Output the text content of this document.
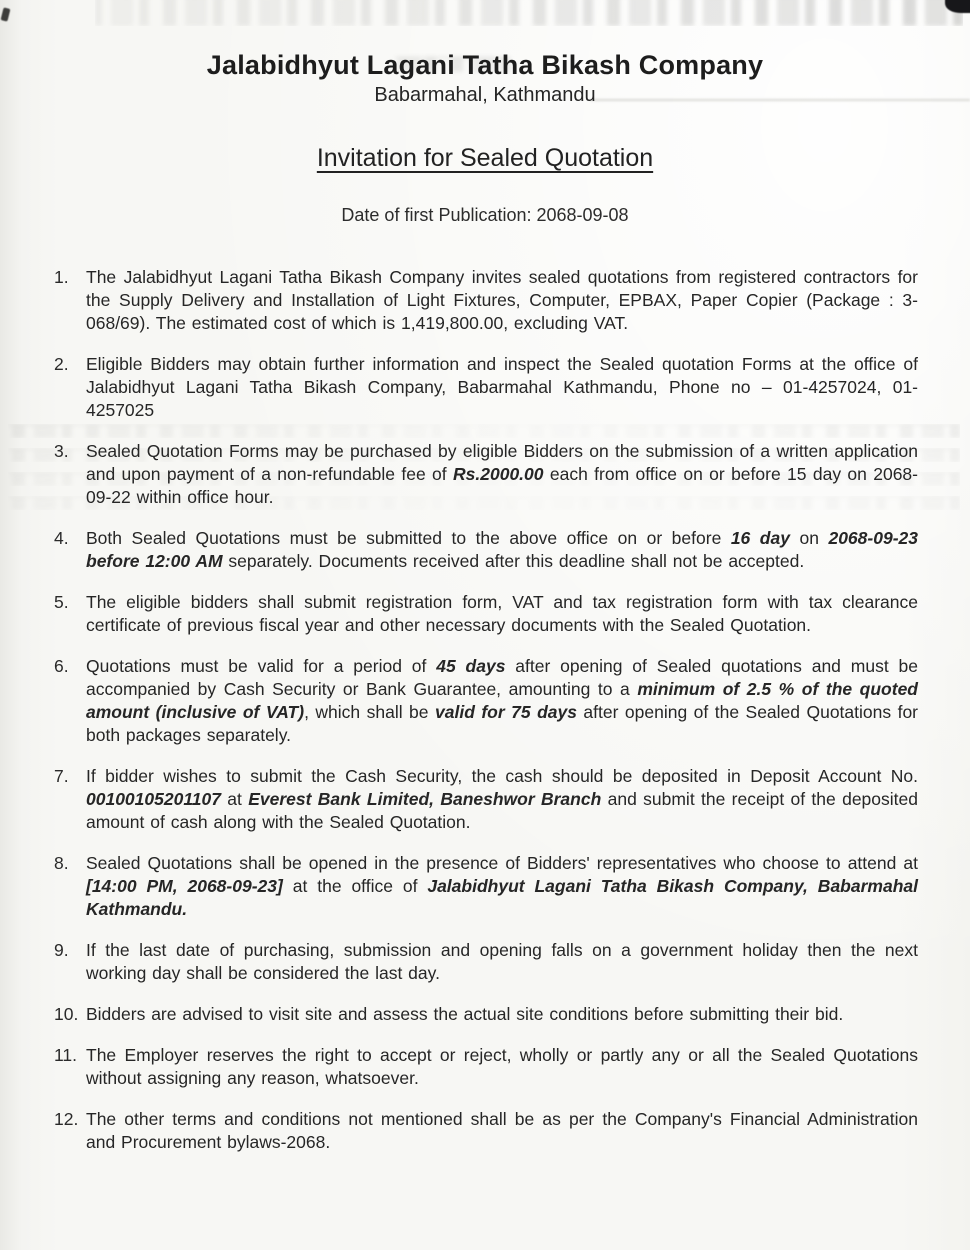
Jalabidhyut Lagani Tatha Bikash Company
Babarmahal, Kathmandu
Invitation for Sealed Quotation
Date of first Publication: 2068-09-08
1. The Jalabidhyut Lagani Tatha Bikash Company invites sealed quotations from registered contractors for the Supply Delivery and Installation of Light Fixtures, Computer, EPBAX, Paper Copier (Package : 3-068/69). The estimated cost of which is 1,419,800.00, excluding VAT.
2. Eligible Bidders may obtain further information and inspect the Sealed quotation Forms at the office of Jalabidhyut Lagani Tatha Bikash Company, Babarmahal Kathmandu, Phone no – 01-4257024, 01-4257025
3. Sealed Quotation Forms may be purchased by eligible Bidders on the submission of a written application and upon payment of a non-refundable fee of Rs.2000.00 each from office on or before 15 day on 2068-09-22 within office hour.
4. Both Sealed Quotations must be submitted to the above office on or before 16 day on 2068-09-23 before 12:00 AM separately. Documents received after this deadline shall not be accepted.
5. The eligible bidders shall submit registration form, VAT and tax registration form with tax clearance certificate of previous fiscal year and other necessary documents with the Sealed Quotation.
6. Quotations must be valid for a period of 45 days after opening of Sealed quotations and must be accompanied by Cash Security or Bank Guarantee, amounting to a minimum of 2.5 % of the quoted amount (inclusive of VAT), which shall be valid for 75 days after opening of the Sealed Quotations for both packages separately.
7. If bidder wishes to submit the Cash Security, the cash should be deposited in Deposit Account No. 00100105201107 at Everest Bank Limited, Baneshwor Branch and submit the receipt of the deposited amount of cash along with the Sealed Quotation.
8. Sealed Quotations shall be opened in the presence of Bidders' representatives who choose to attend at [14:00 PM, 2068-09-23] at the office of Jalabidhyut Lagani Tatha Bikash Company, Babarmahal Kathmandu.
9. If the last date of purchasing, submission and opening falls on a government holiday then the next working day shall be considered the last day.
10. Bidders are advised to visit site and assess the actual site conditions before submitting their bid.
11. The Employer reserves the right to accept or reject, wholly or partly any or all the Sealed Quotations without assigning any reason, whatsoever.
12. The other terms and conditions not mentioned shall be as per the Company's Financial Administration and Procurement bylaws-2068.
